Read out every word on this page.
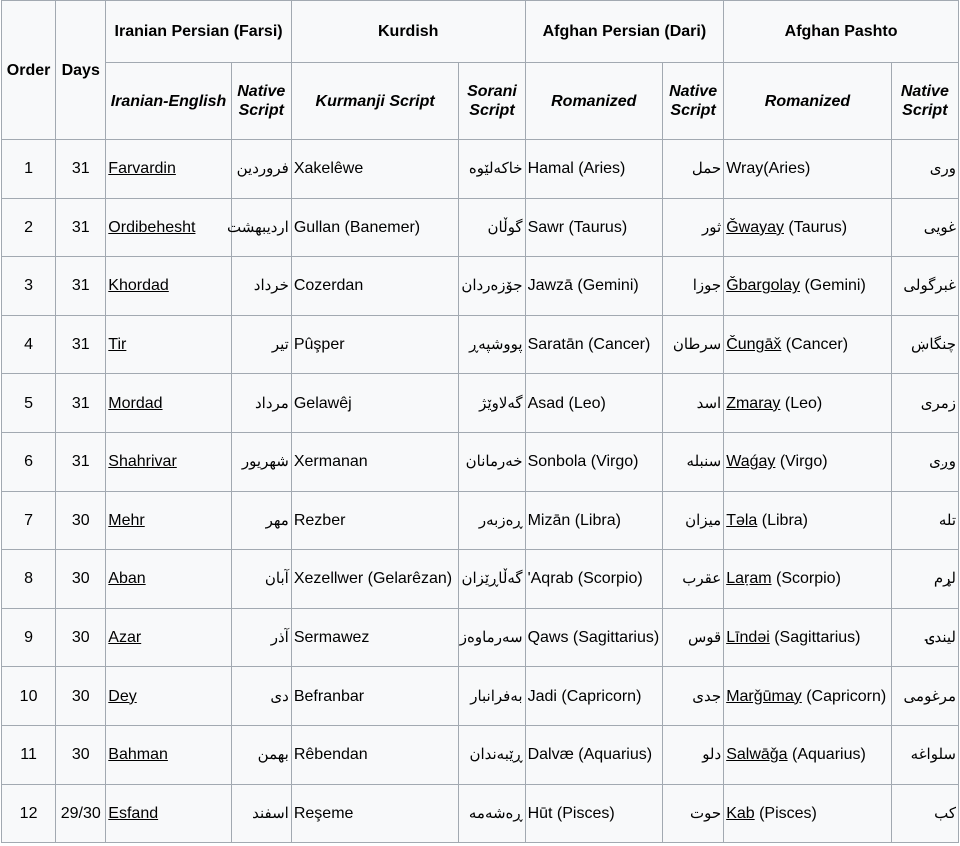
Order	Days	Iranian Persian (Farsi)		Kurdish		Afghan Persian (Dari)		Afghan Pashto	
		Iranian-English	Native Script	Kurmanji Script	Sorani Script	Romanized	Native Script	Romanized	Native Script
1	31	Farvardin	فروردین	Xakelêwe	خاکەلێوە	Hamal (Aries)	حمل	Wray(Aries)	وری
2	31	Ordibehesht	اردیبهشت	Gullan (Banemer)	گوڵان	Sawr (Taurus)	ثور	Ǧwayay (Taurus)	غويی
3	31	Khordad	خرداد	Cozerdan	جۆزەردان	Jawzā (Gemini)	جوزا	Ǧbargolay (Gemini)	غبرگولی
4	31	Tir	تیر	Pûşper	پووشپەڕ	Saratān (Cancer)	سرطان	Čungāx̌ (Cancer)	چنگاښ
5	31	Mordad	مرداد	Gelawêj	گەلاوێژ	Asad (Leo)	اسد	Zmaray (Leo)	زمری
6	31	Shahrivar	شهریور	Xermanan	خەرمانان	Sonbola (Virgo)	سنبله	Waǵay (Virgo)	وږی
7	30	Mehr	مهر	Rezber	ڕەزبەر	Mizān (Libra)	میزان	Təla (Libra)	تله
8	30	Aban	آبان	Xezellwer (Gelarêzan)	گەڵاڕێزان	'Aqrab (Scorpio)	عقرب	Laṛam (Scorpio)	لړم
9	30	Azar	آذر	Sermawez	سەرماوەز	Qaws (Sagittarius)	قوس	Līndəi (Sagittarius)	ليندۍ
10	30	Dey	دی	Befranbar	بەفرانبار	Jadi (Capricorn)	جدی	Marǧūmay (Capricorn)	مرغومی
11	30	Bahman	بهمن	Rêbendan	ڕێبەندان	Dalvæ (Aquarius)	دلو	Salwāǧa (Aquarius)	سلواغه
12	29/30	Esfand	اسفند	Reşeme	ڕەشەمە	Hūt (Pisces)	حوت	Kab (Pisces)	کب
